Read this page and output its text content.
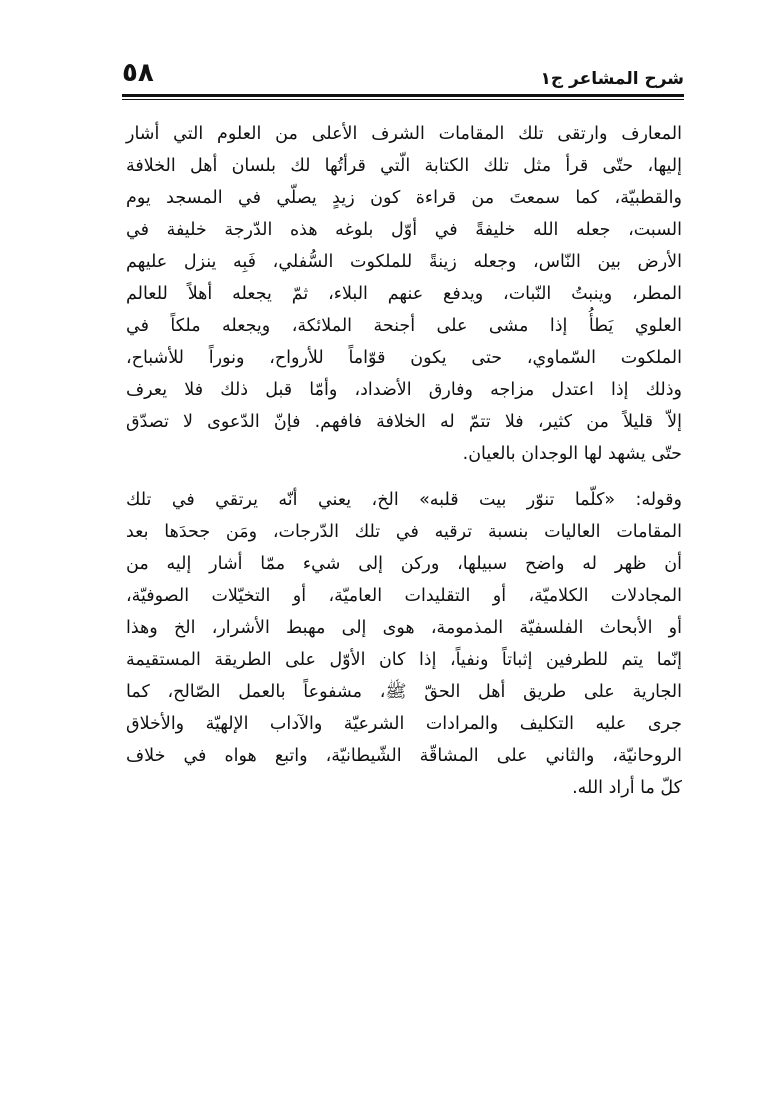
٥٨	شرح المشاعر ج١

المعارف وارتقى تلك المقامات الشرف الأعلى من العلوم التي أشار
إليها، حتّى قرأ مثل تلك الكتابة الّتي قرأتُها لك بلسان أهل الخلافة
والقطبيّة، كما سمعتَ من قراءة كون زيدٍ يصلّي في المسجد يوم
السبت، جعله الله خليفةً في أوّل بلوغه هذه الدّرجة خليفة في
الأرض بين النّاس، وجعله زينةً للملكوت السُّفلي، فَبِه ينزل عليهم
المطر، وينبتُ النّبات، ويدفع عنهم البلاء، ثمّ يجعله أهلاً للعالم
العلوي يَطأُ إذا مشى على أجنحة الملائكة، ويجعله ملكاً في
الملكوت السّماوي، حتى يكون قوّاماً للأرواح، ونوراً للأشباح،
وذلك إذا اعتدل مزاجه وفارق الأضداد، وأمّا قبل ذلك فلا يعرف
إلاّ قليلاً من كثير، فلا تتمّ له الخلافة فافهم. فإنّ الدّعوى لا تصدّق
حتّى يشهد لها الوجدان بالعيان.

وقوله: «كلّما تنوّر بيت قلبه» الخ، يعني أنّه يرتقي في تلك
المقامات العاليات بنسبة ترقيه في تلك الدّرجات، ومَن جحدَها بعد
أن ظهر له واضح سبيلها، وركن إلى شيء ممّا أشار إليه من
المجادلات الكلاميّة، أو التقليدات العاميّة، أو التخيّلات الصوفيّة،
أو الأبحاث الفلسفيّة المذمومة، هوى إلى مهبط الأشرار، الخ وهذا
إنّما يتم للطرفين إثباتاً ونفياً، إذا كان الأوّل على الطريقة المستقيمة
الجارية على طريق أهل الحقّ ﷺ، مشفوعاً بالعمل الصّالح، كما
جرى عليه التكليف والمرادات الشرعيّة والآداب الإلهيّة والأخلاق
الروحانيّة، والثاني على المشاقّة الشّيطانيّة، واتبع هواه في خلاف
كلّ ما أراد الله.
